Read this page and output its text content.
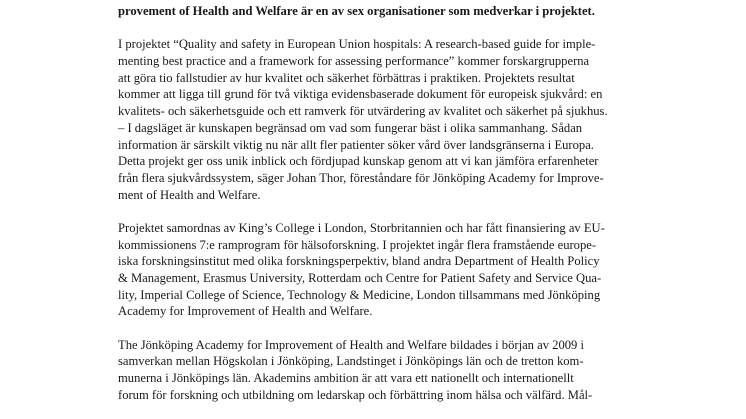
provement of Health and Welfare är en av sex organisationer som medverkar i projektet.
I projektet “Quality and safety in European Union hospitals: A research-based guide for imple-
menting best practice and a framework for assessing performance” kommer forskargrupperna
att göra tio fallstudier av hur kvalitet och säkerhet förbättras i praktiken. Projektets resultat
kommer att ligga till grund för två viktiga evidensbaserade dokument för europeisk sjukvård: en
kvalitets- och säkerhetsguide och ett ramverk för utvärdering av kvalitet och säkerhet på sjukhus.
– I dagsläget är kunskapen begränsad om vad som fungerar bäst i olika sammanhang. Sådan
information är särskilt viktig nu när allt fler patienter söker vård över landsgränserna i Europa.
Detta projekt ger oss unik inblick och fördjupad kunskap genom att vi kan jämföra erfarenheter
från flera sjukvårdssystem, säger Johan Thor, föreståndare för Jönköping Academy for Improve-
ment of Health and Welfare.
Projektet samordnas av King’s College i London, Storbritannien och har fått finansiering av EU-
kommissionens 7:e ramprogram för hälsoforskning. I projektet ingår flera framstående europe-
iska forskningsinstitut med olika forskningsperpektiv, bland andra Department of Health Policy
& Management, Erasmus University, Rotterdam och Centre for Patient Safety and Service Qua-
lity, Imperial College of Science, Technology & Medicine, London tillsammans med Jönköping
Academy for Improvement of Health and Welfare.
The Jönköping Academy for Improvement of Health and Welfare bildades i början av 2009 i
samverkan mellan Högskolan i Jönköping, Landstinget i Jönköpings län och de tretton kom-
munerna i Jönköpings län. Akademins ambition är att vara ett nationellt och internationellt
forum för forskning och utbildning om ledarskap och förbättring inom hälsa och välfärd. Mål-
